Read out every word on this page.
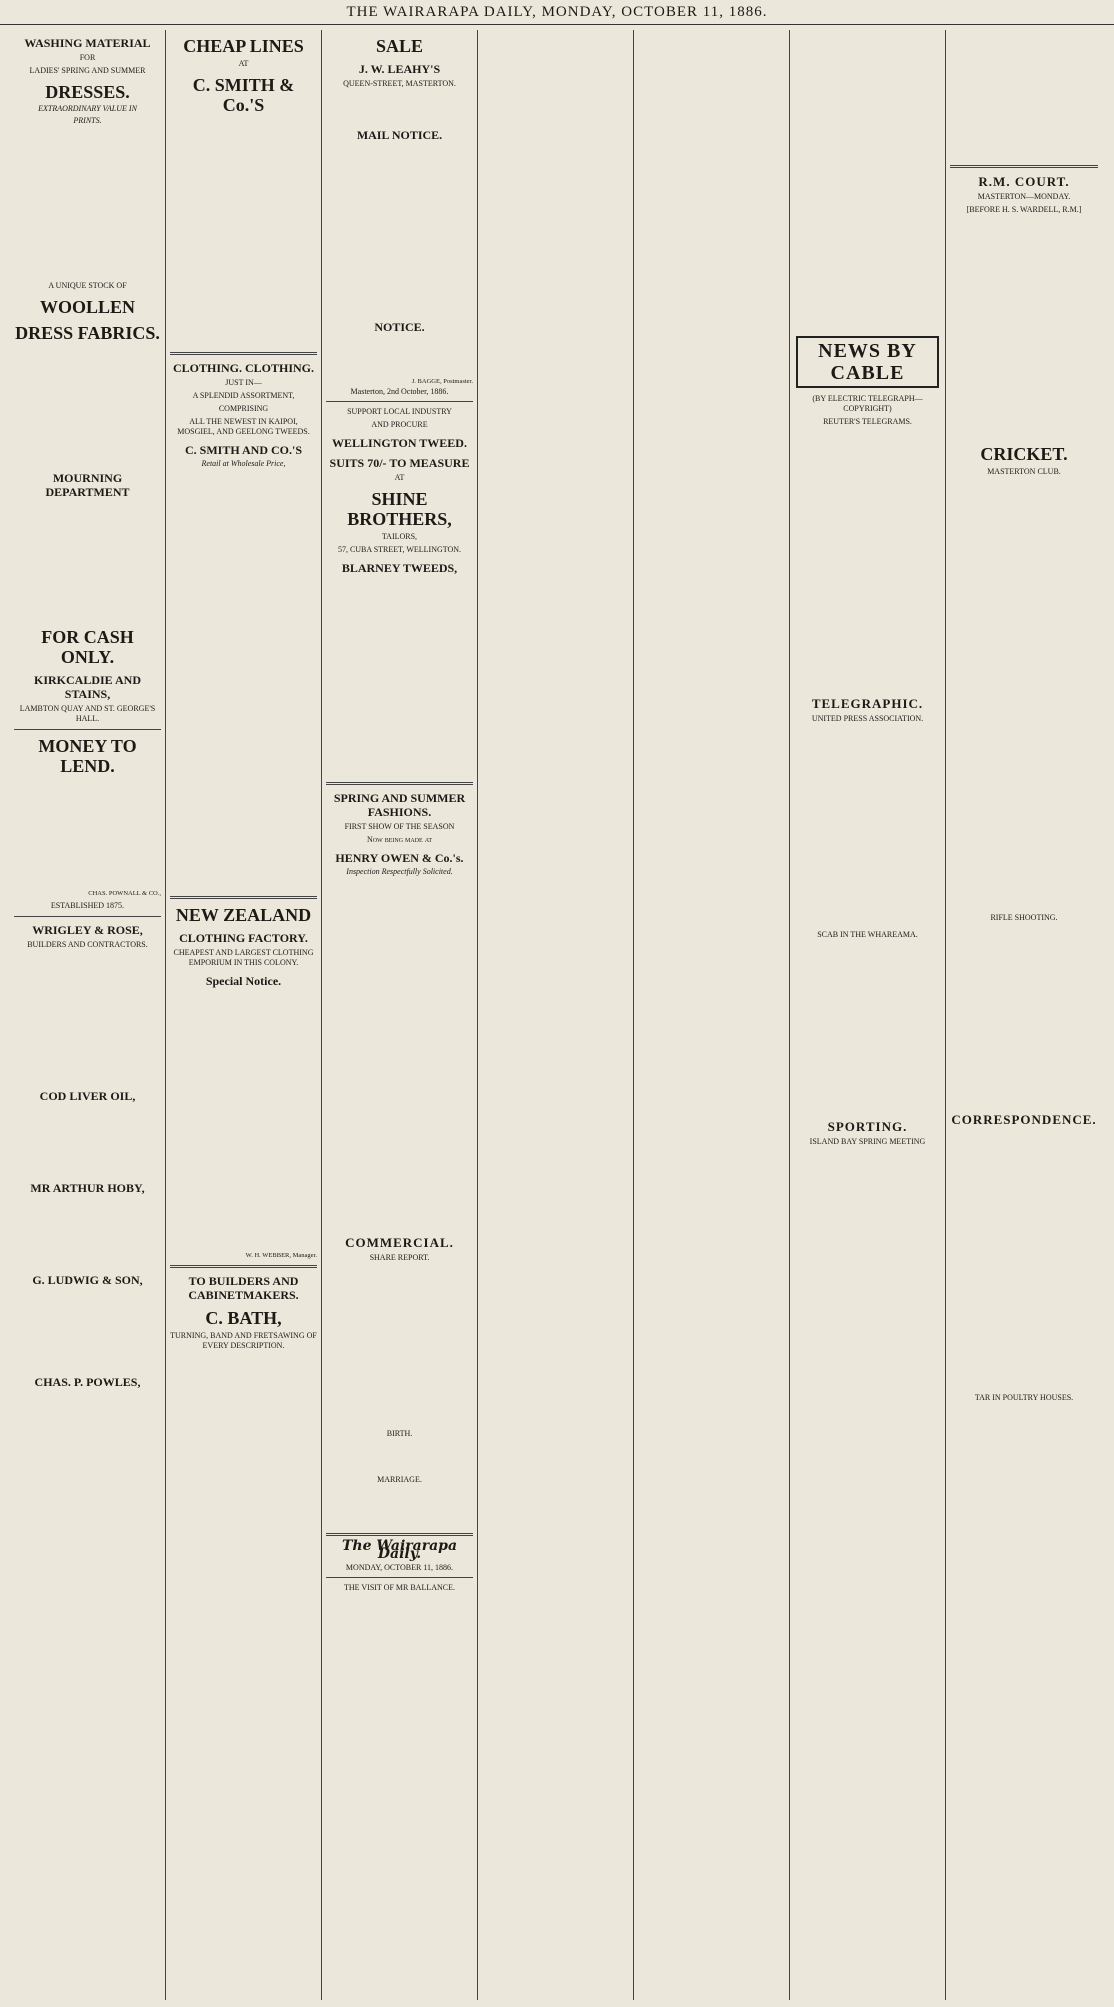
THE WAIRARAPA DAILY, MONDAY, OCTOBER 11, 1886.
WASHING MATERIAL
FOR
LADIES' SPRING AND SUMMER
DRESSES.
EXTRAORDINARY VALUE IN
PRINTS.
A UNIQUE STOCK OF
WOOLLEN
DRESS FABRICS.
MOURNING DEPARTMENT
FOR CASH ONLY.
KIRKCALDIE AND STAINS,
LAMBTON QUAY AND ST. GEORGE'S HALL.
MONEY TO LEND.
CHAS. POWNALL & CO.,
ESTABLISHED 1875.
WRIGLEY & ROSE,
BUILDERS AND CONTRACTORS.
COD LIVER OIL,
MR ARTHUR HOBY,
G. LUDWIG & SON,
CHAS. P. POWLES,
CHEAP LINES
AT
C. SMITH & Co.'S
CLOTHING. CLOTHING.
JUST IN—
A SPLENDID ASSORTMENT,
COMPRISING
ALL THE NEWEST IN KAIPOI, MOSGIEL, AND GEELONG TWEEDS.
C. SMITH AND CO.'S
Retail at Wholesale Price,
NEW ZEALAND
CLOTHING FACTORY.
CHEAPEST AND LARGEST CLOTHING EMPORIUM IN THIS COLONY.
Special Notice.
W. H. WEBBER, Manager.
TO BUILDERS AND CABINETMAKERS.
C. BATH,
TURNING, BAND AND FRETSAWING OF EVERY DESCRIPTION.
SALE
J. W. LEAHY'S
QUEEN-STREET, MASTERTON.
MAIL NOTICE.
NOTICE.
J. BAGGE, Postmaster.
Masterton, 2nd October, 1886.
SUPPORT LOCAL INDUSTRY
AND PROCURE
WELLINGTON TWEED.
SUITS 70/- TO MEASURE
AT
SHINE BROTHERS,
TAILORS,
57, CUBA STREET, WELLINGTON.
BLARNEY TWEEDS,
SPRING AND SUMMER FASHIONS.
FIRST SHOW OF THE SEASON
Now being made at
HENRY OWEN & Co.'s.
Inspection Respectfully Solicited.
COMMERCIAL.
SHARE REPORT.
BIRTH.
MARRIAGE.
The Wairarapa Daily.
MONDAY, OCTOBER 11, 1886.
THE VISIT OF MR BALLANCE.
NEWS BY CABLE
(BY ELECTRIC TELEGRAPH—COPYRIGHT)
REUTER'S TELEGRAMS.
TELEGRAPHIC.
UNITED PRESS ASSOCIATION.
SCAB IN THE WHAREAMA.
SPORTING.
ISLAND BAY SPRING MEETING
R.M. COURT.
MASTERTON—MONDAY.
[BEFORE H. S. WARDELL, R.M.]
CRICKET.
MASTERTON CLUB.
RIFLE SHOOTING.
CORRESPONDENCE.
TAR IN POULTRY HOUSES.
